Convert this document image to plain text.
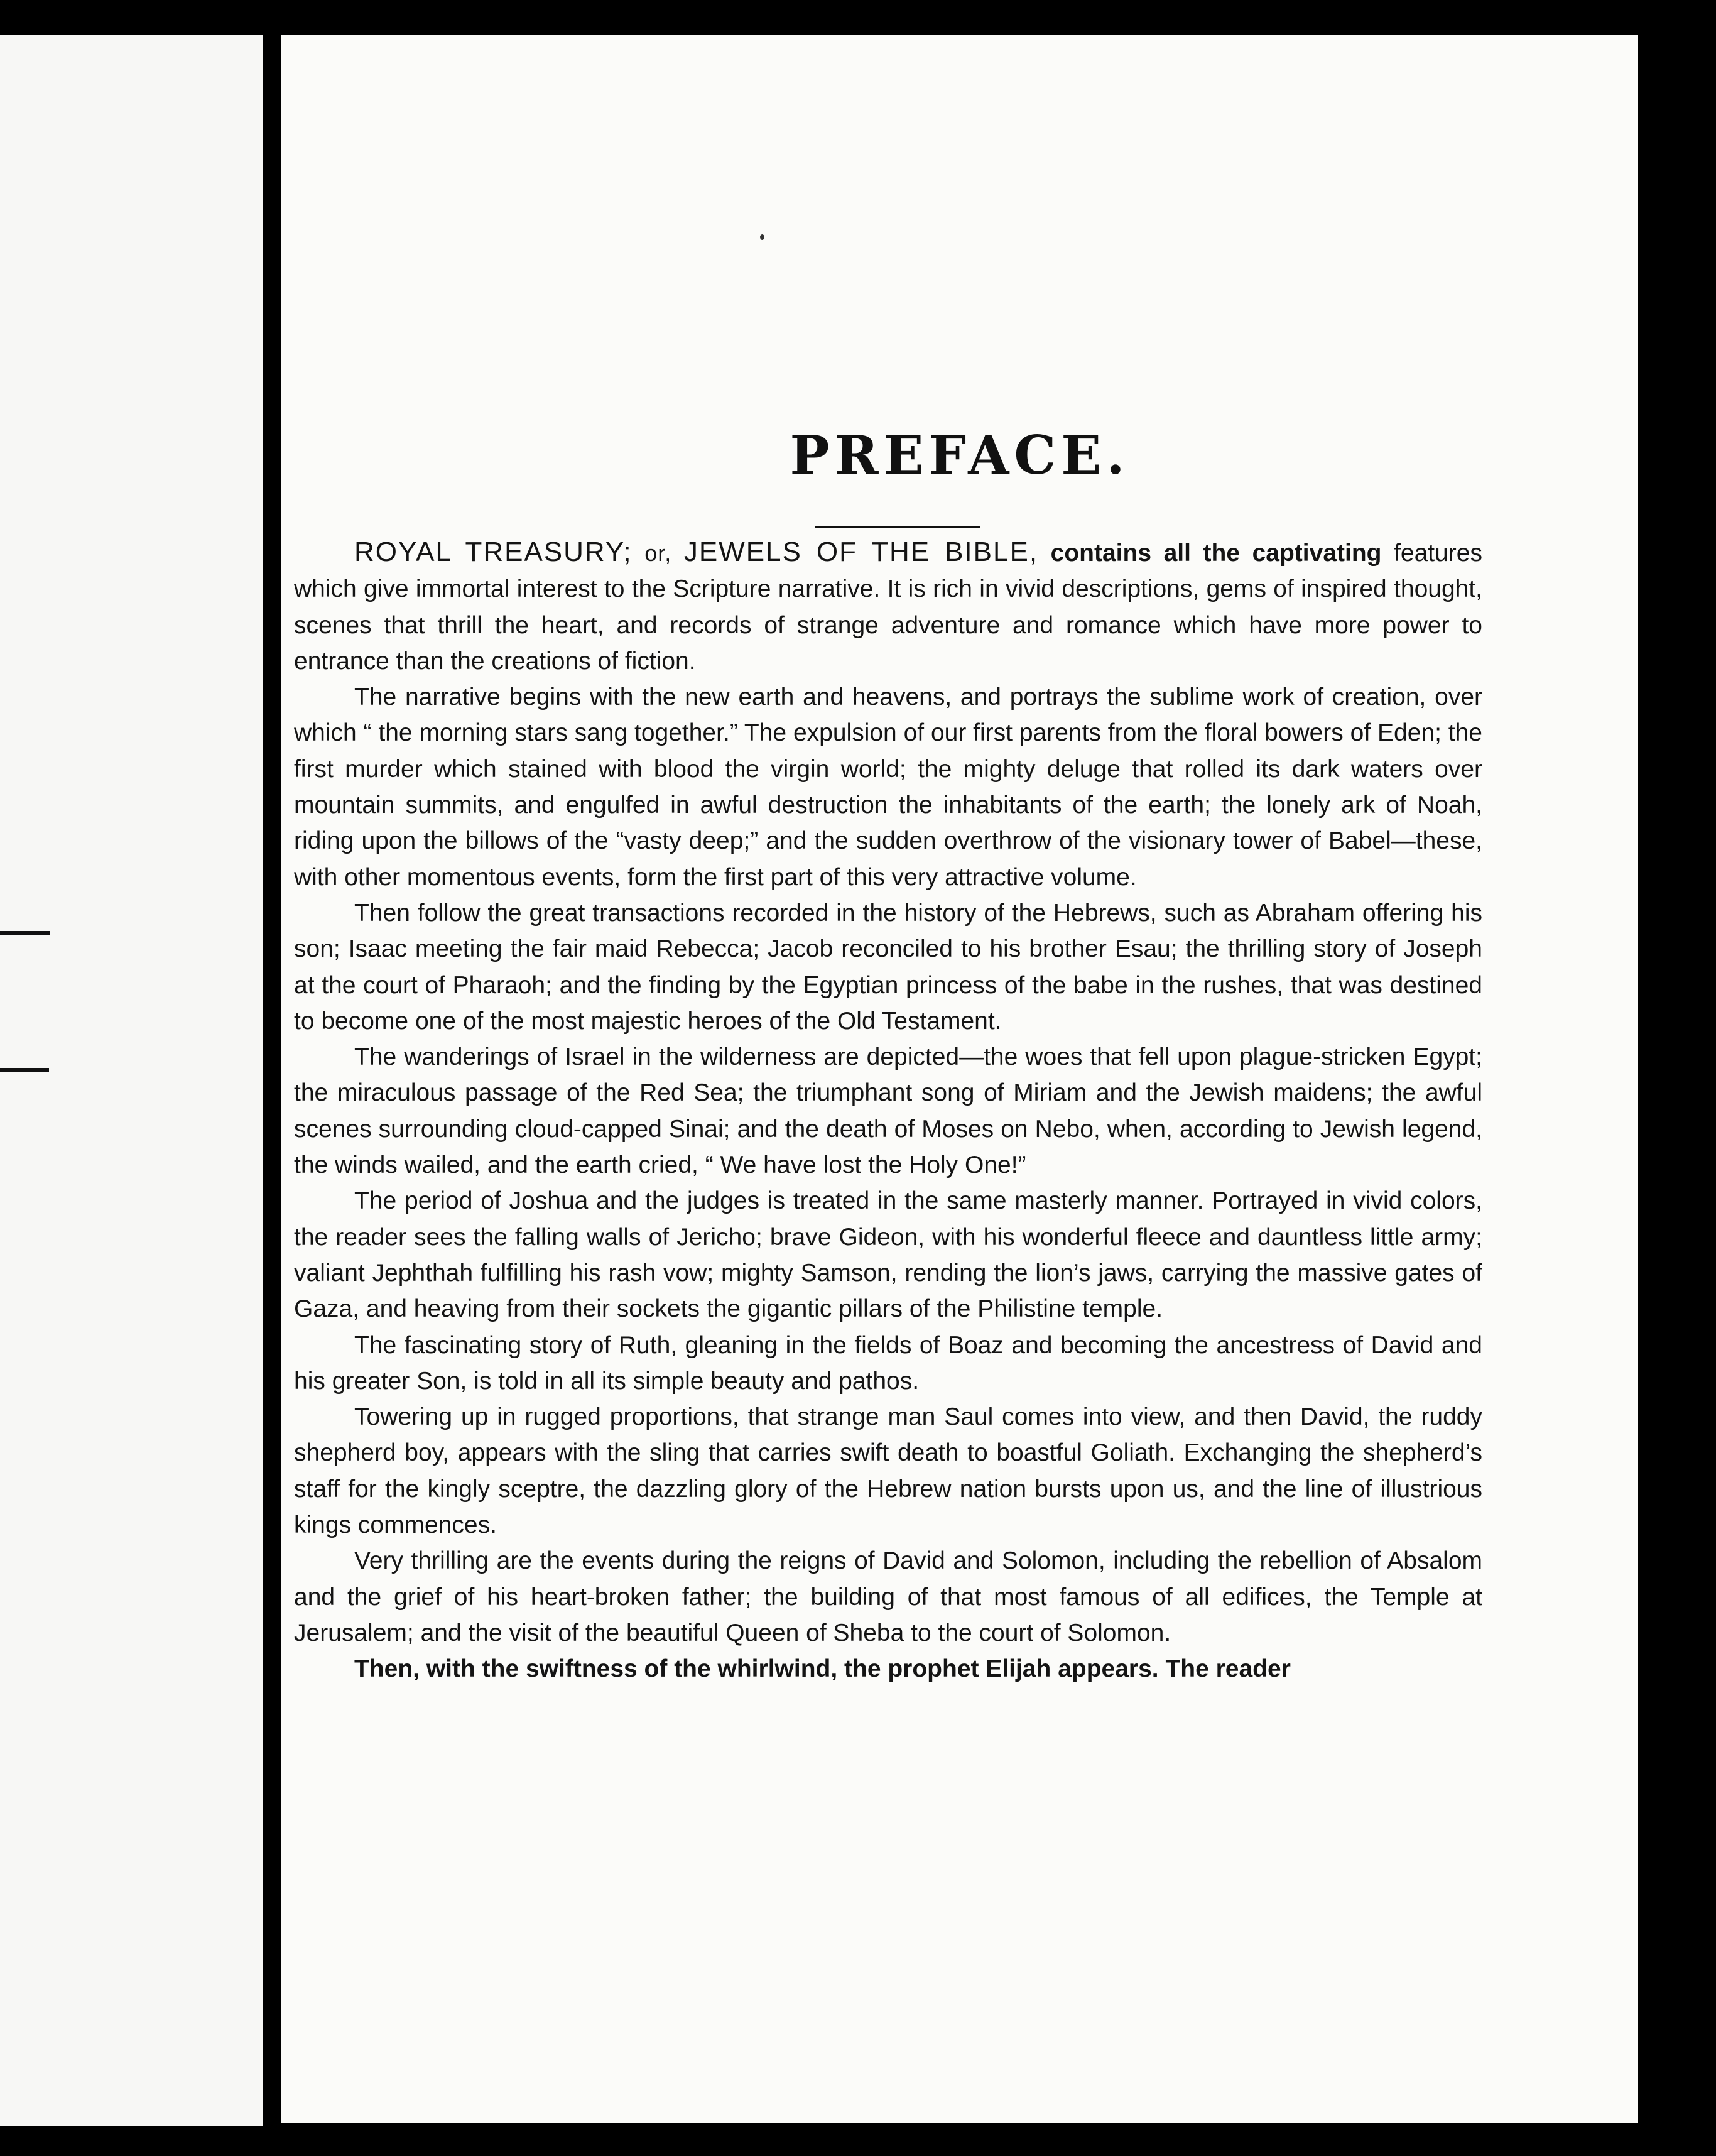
PREFACE.

ROYAL TREASURY; or, JEWELS OF THE BIBLE, contains all the captivating features which give immortal interest to the Scripture narrative. It is rich in vivid descriptions, gems of inspired thought, scenes that thrill the heart, and records of strange adventure and romance which have more power to entrance than the creations of fiction.

The narrative begins with the new earth and heavens, and portrays the sublime work of creation, over which “ the morning stars sang together.” The expulsion of our first parents from the floral bowers of Eden; the first murder which stained with blood the virgin world; the mighty deluge that rolled its dark waters over mountain summits, and engulfed in awful destruction the inhabitants of the earth; the lonely ark of Noah, riding upon the billows of the “vasty deep;” and the sudden overthrow of the visionary tower of Babel—these, with other momentous events, form the first part of this very attractive volume.

Then follow the great transactions recorded in the history of the Hebrews, such as Abraham offering his son; Isaac meeting the fair maid Rebecca; Jacob reconciled to his brother Esau; the thrilling story of Joseph at the court of Pharaoh; and the finding by the Egyptian princess of the babe in the rushes, that was destined to become one of the most majestic heroes of the Old Testament.

The wanderings of Israel in the wilderness are depicted—the woes that fell upon plague-stricken Egypt; the miraculous passage of the Red Sea; the triumphant song of Miriam and the Jewish maidens; the awful scenes surrounding cloud-capped Sinai; and the death of Moses on Nebo, when, according to Jewish legend, the winds wailed, and the earth cried, “ We have lost the Holy One!”

The period of Joshua and the judges is treated in the same masterly manner. Portrayed in vivid colors, the reader sees the falling walls of Jericho; brave Gideon, with his wonderful fleece and dauntless little army; valiant Jephthah fulfilling his rash vow; mighty Samson, rending the lion’s jaws, carrying the massive gates of Gaza, and heaving from their sockets the gigantic pillars of the Philistine temple.

The fascinating story of Ruth, gleaning in the fields of Boaz and becoming the ancestress of David and his greater Son, is told in all its simple beauty and pathos.

Towering up in rugged proportions, that strange man Saul comes into view, and then David, the ruddy shepherd boy, appears with the sling that carries swift death to boastful Goliath. Exchanging the shepherd’s staff for the kingly sceptre, the dazzling glory of the Hebrew nation bursts upon us, and the line of illustrious kings commences.

Very thrilling are the events during the reigns of David and Solomon, including the rebellion of Absalom and the grief of his heart-broken father; the building of that most famous of all edifices, the Temple at Jerusalem; and the visit of the beautiful Queen of Sheba to the court of Solomon.

Then, with the swiftness of the whirlwind, the prophet Elijah appears. The reader
